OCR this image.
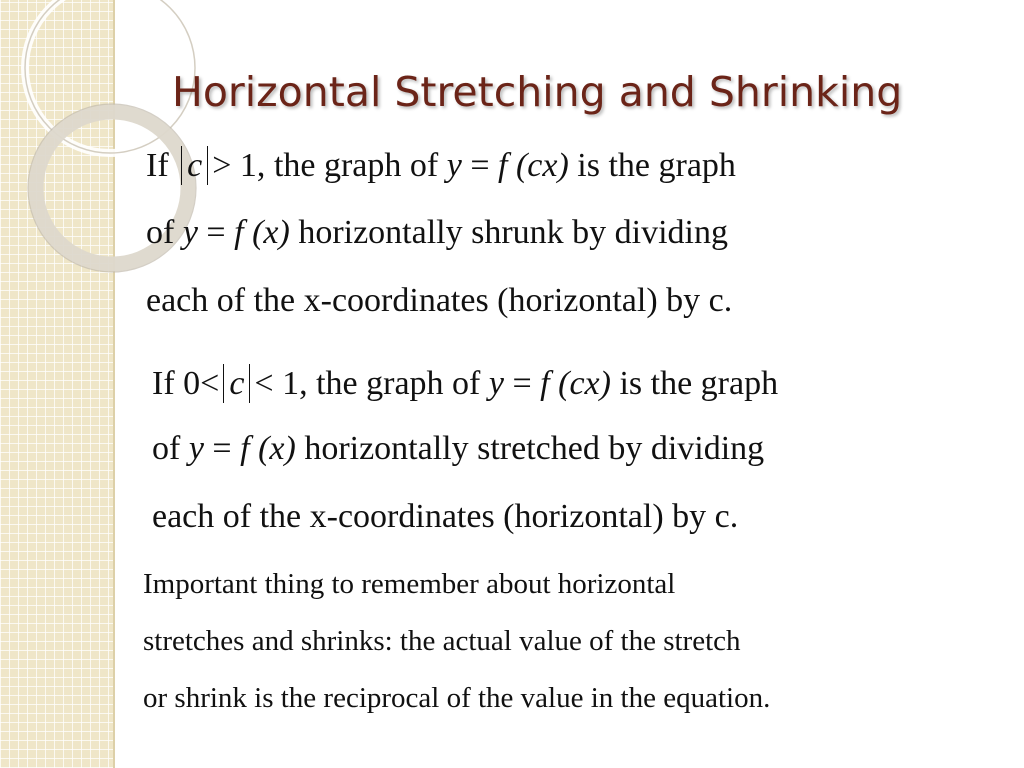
Horizontal Stretching and Shrinking
If c > 1, the graph of y = f (cx) is the graph
of y = f (x) horizontally shrunk by dividing
each of the x-coordinates (horizontal) by c.
If 0< c < 1, the graph of y = f (cx) is the graph
of y = f (x) horizontally stretched by dividing
each of the x-coordinates (horizontal) by c.
Important thing to remember about horizontal
stretches and shrinks: the actual value of the stretch
or shrink is the reciprocal of the value in the equation.
